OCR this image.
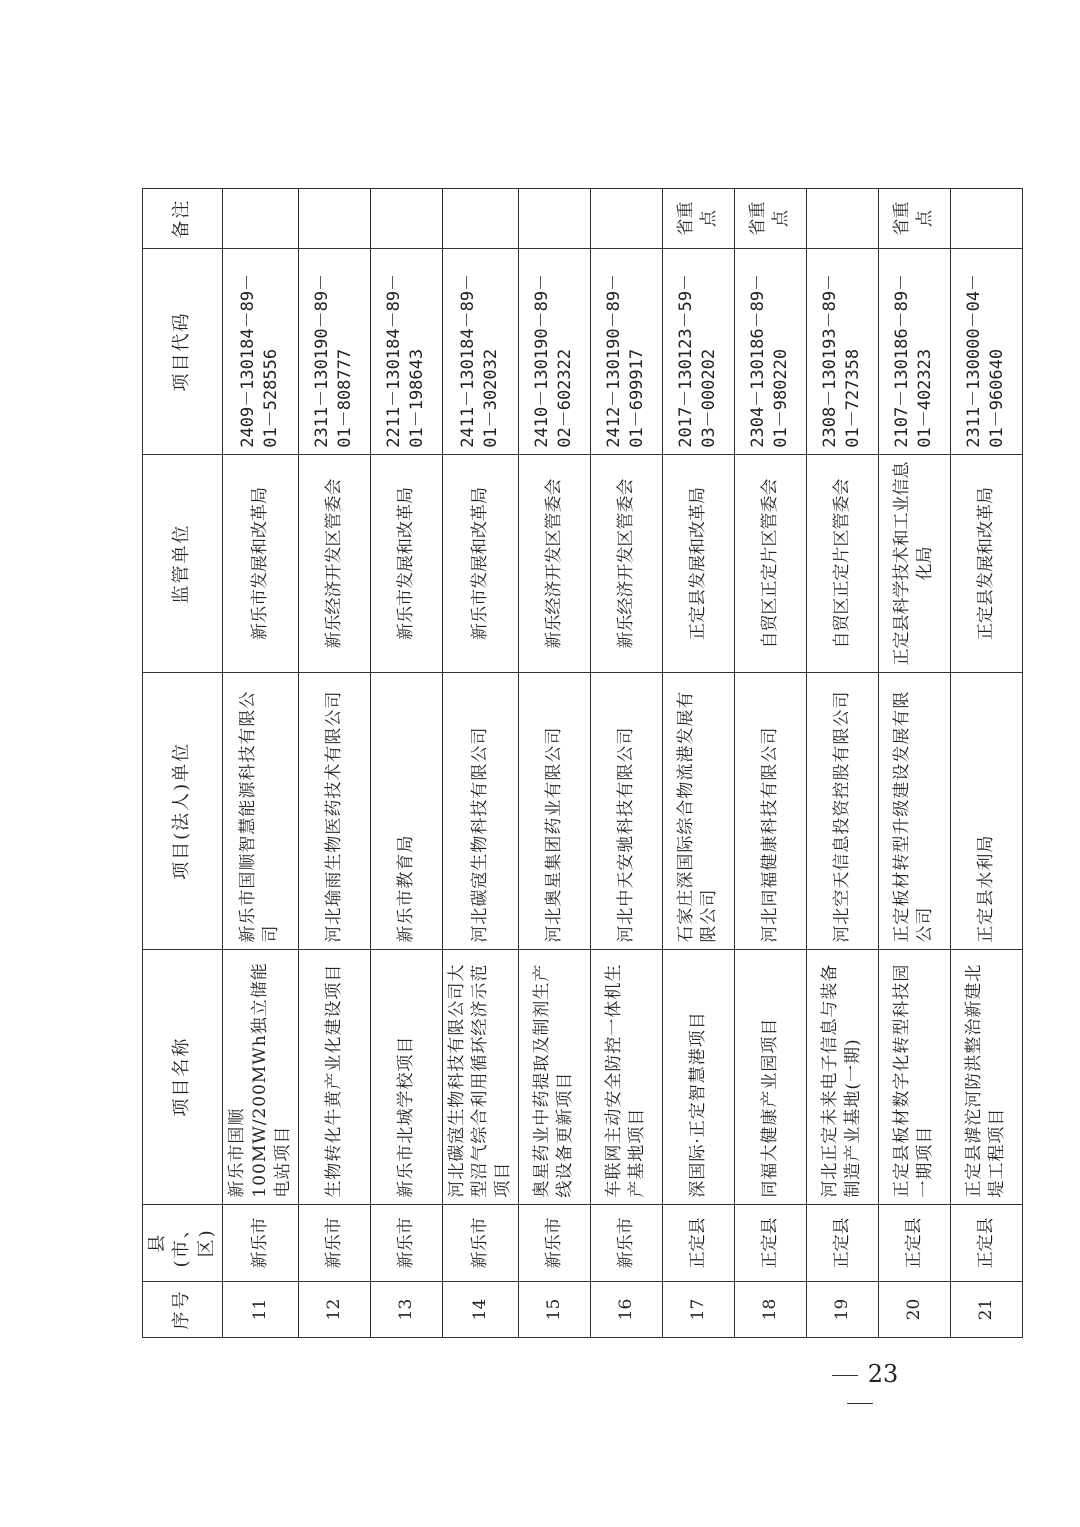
序号	县(市、区)	项目名称	项目(法人)单位	监管单位	项目代码	备注
11	新乐市	新乐市国顺100MW/200MWh独立储能电站项目	新乐市国顺智慧能源科技有限公司	新乐市发展和改革局	2409－130184－89－01－528556	
12	新乐市	生物转化牛黄产业化建设项目	河北瑜雨生物医药技术有限公司	新乐经济开发区管委会	2311－130190－89－01－808777	
13	新乐市	新乐市北城学校项目	新乐市教育局	新乐市发展和改革局	2211－130184－89－01－198643	
14	新乐市	河北碳寇生物科技有限公司大型沼气综合利用循环经济示范项目	河北碳寇生物科技有限公司	新乐市发展和改革局	2411－130184－89－01－302032	
15	新乐市	奥星药业中药提取及制剂生产线设备更新项目	河北奥星集团药业有限公司	新乐经济开发区管委会	2410－130190－89－02－602322	
16	新乐市	车联网主动安全防控一体机生产基地项目	河北中天安驰科技有限公司	新乐经济开发区管委会	2412－130190－89－01－699917	
17	正定县	深国际·正定智慧港项目	石家庄深国际综合物流港发展有限公司	正定县发展和改革局	2017－130123－59－03－000202	省重点
18	正定县	同福大健康产业园项目	河北同福健康科技有限公司	自贸区正定片区管委会	2304－130186－89－01－980220	省重点
19	正定县	河北正定未来电子信息与装备制造产业基地(一期)	河北空天信息投资控股有限公司	自贸区正定片区管委会	2308－130193－89－01－727358	
20	正定县	正定县板材数字化转型科技园一期项目	正定板材转型升级建设发展有限公司	正定县科学技术和工业信息化局	2107－130186－89－01－402323	省重点
21	正定县	正定县滹沱河防洪整治新建北堤工程项目	正定县水利局	正定县发展和改革局	2311－130000－04－01－960640	
23
